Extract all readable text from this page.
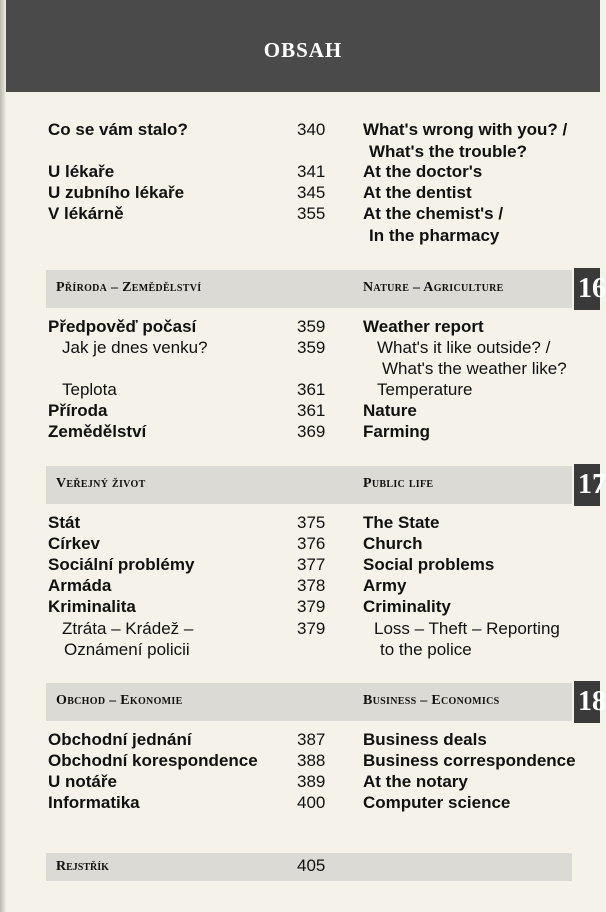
OBSAH
Co se vám stalo?	340 What's wrong with you? /
What's the trouble?
U lékaře	341 At the doctor's
U zubního lékaře	345 At the dentist
V lékárně	355 At the chemist's /
In the pharmacy
Příroda – Zemědělství	Nature – Agriculture	16
Předpověď počasí	359 Weather report
Jak je dnes venku?	359	What's it like outside? /
What's the weather like?
Teplota	361	Temperature
Příroda	361 Nature
Zemědělství	369 Farming
Veřejný život	Public life	17
Stát	375 The State
Církev	376 Church
Sociální problémy	377 Social problems
Armáda	378 Army
Kriminalita	379 Criminality
Ztráta – Krádež –	379	Loss – Theft – Reporting
Oznámení policii	to the police
Obchod – Ekonomie	Business – Economics	18
Obchodní jednání	387 Business deals
Obchodní korespondence 388 Business correspondence
U notáře	389 At the notary
Informatika	400 Computer science
Rejstřík	405
